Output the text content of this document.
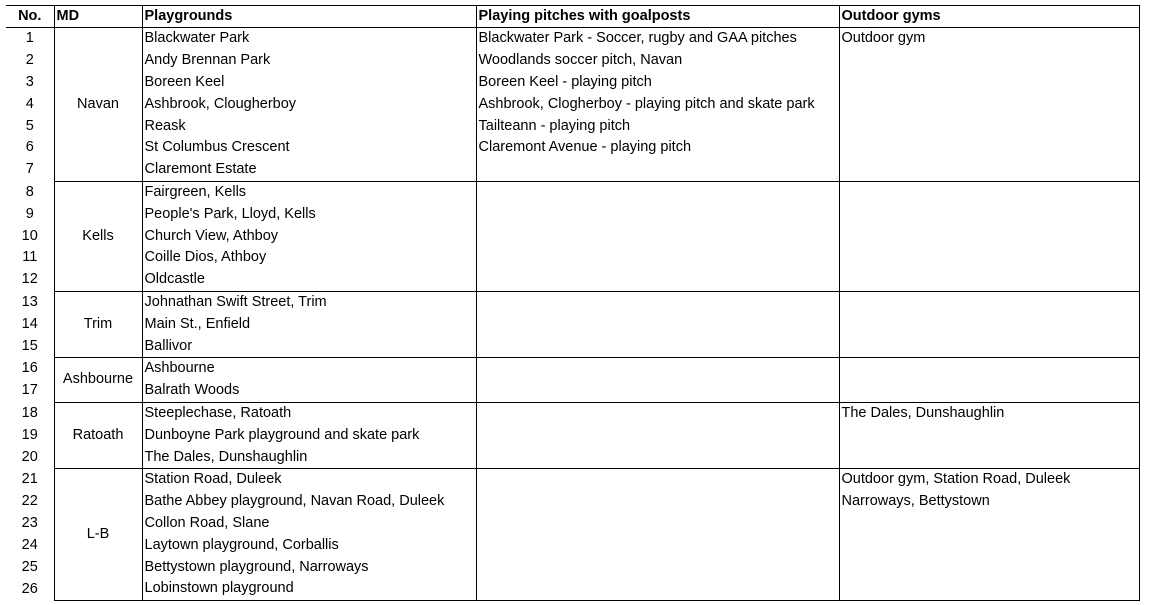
No.	MD	Playgrounds	Playing pitches with goalposts	Outdoor gyms
1	Navan	Blackwater Park	Blackwater Park - Soccer, rugby and GAA pitches	Outdoor gym
2		Andy Brennan Park	Woodlands soccer pitch, Navan	
3		Boreen Keel	Boreen Keel - playing pitch	
4		Ashbrook, Clougherboy	Ashbrook, Clogherboy - playing pitch and skate park	
5		Reask	Tailteann - playing pitch	
6		St Columbus Crescent	Claremont Avenue - playing pitch	
7		Claremont Estate		
8	Kells	Fairgreen, Kells		
9		People's Park, Lloyd, Kells		
10		Church View, Athboy		
11		Coille Dios, Athboy		
12		Oldcastle		
13	Trim	Johnathan Swift Street, Trim		
14		Main St., Enfield		
15		Ballivor		
16	Ashbourne	Ashbourne		
17		Balrath Woods		
18	Ratoath	Steeplechase, Ratoath		The Dales, Dunshaughlin
19		Dunboyne Park playground and skate park		
20		The Dales, Dunshaughlin		
21	L-B	Station Road, Duleek		Outdoor gym, Station Road, Duleek
22		Bathe Abbey playground, Navan Road, Duleek		Narroways, Bettystown
23		Collon Road, Slane		
24		Laytown playground, Corballis		
25		Bettystown playground, Narroways		
26		Lobinstown playground		
